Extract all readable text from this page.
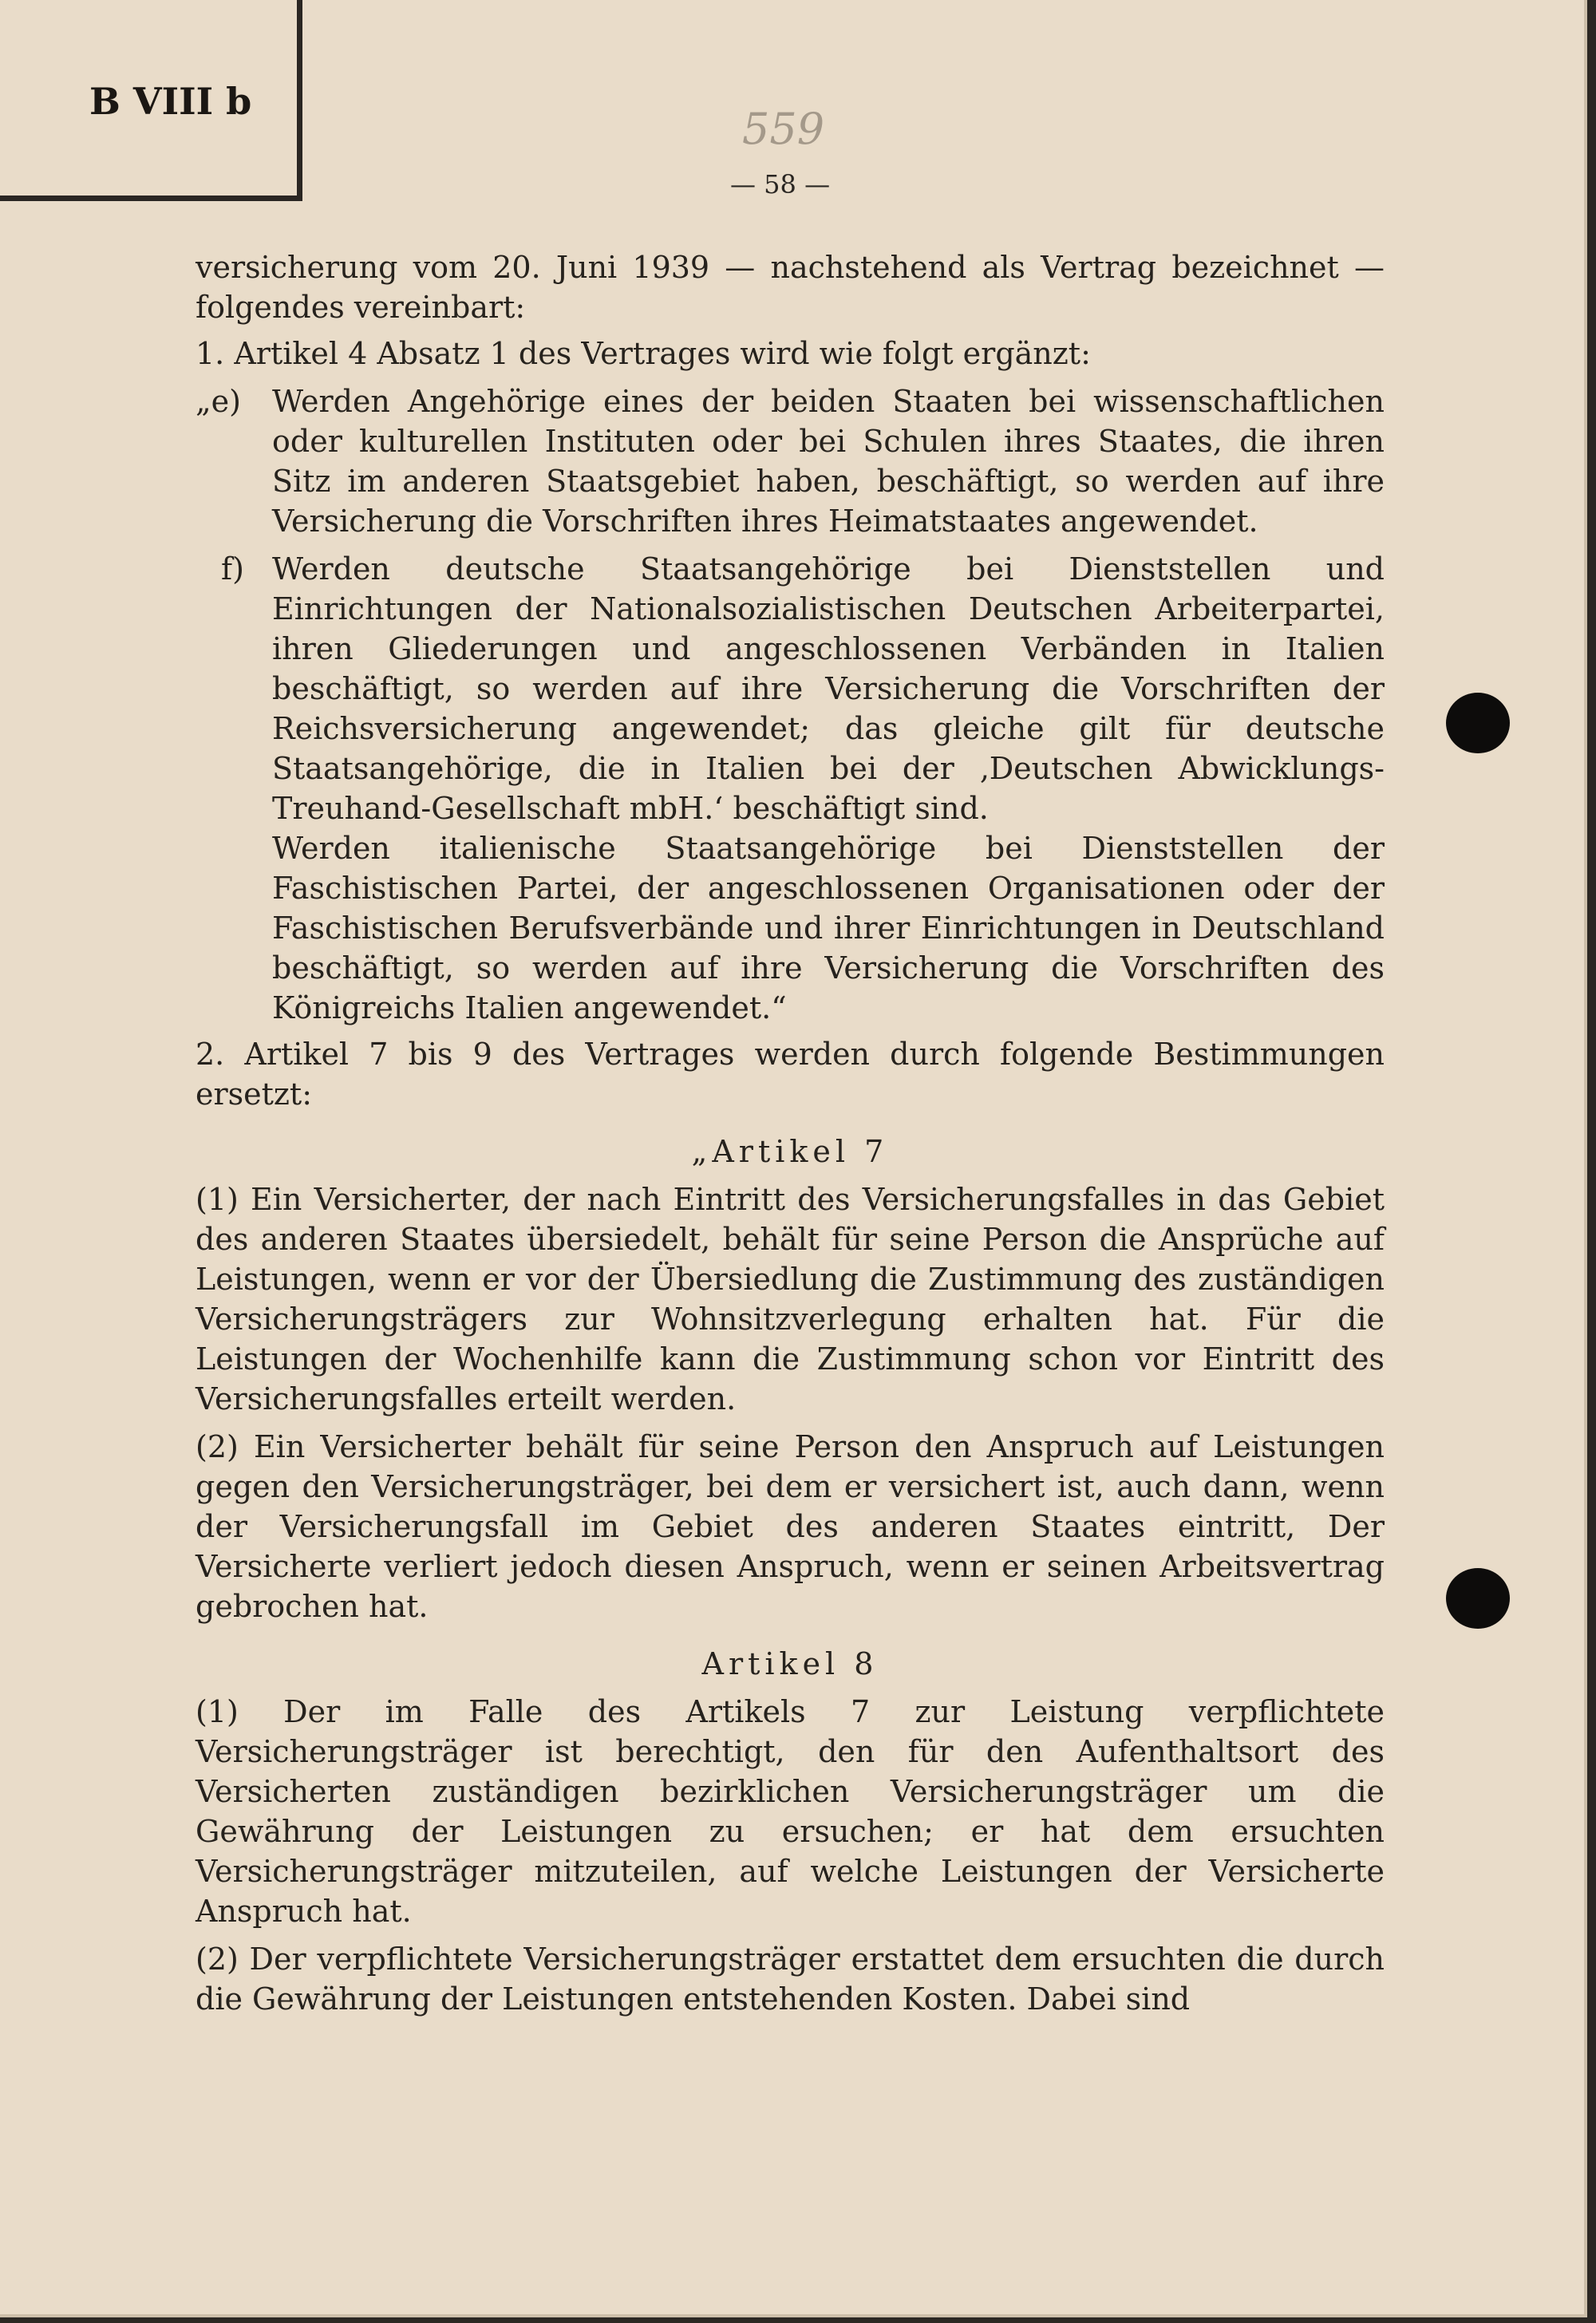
B VIII b
559
— 58 —

versicherung vom 20. Juni 1939 — nachstehend als Vertrag bezeichnet — folgendes vereinbart:

1. Artikel 4 Absatz 1 des Vertrages wird wie folgt ergänzt:

„e) Werden Angehörige eines der beiden Staaten bei wissenschaftlichen oder kulturellen Instituten oder bei Schulen ihres Staates, die ihren Sitz im anderen Staatsgebiet haben, beschäftigt, so werden auf ihre Versicherung die Vorschriften ihres Heimatstaates angewendet.

f) Werden deutsche Staatsangehörige bei Dienststellen und Einrichtungen der Nationalsozialistischen Deutschen Arbeiterpartei, ihren Gliederungen und angeschlossenen Verbänden in Italien beschäftigt, so werden auf ihre Versicherung die Vorschriften der Reichsversicherung angewendet; das gleiche gilt für deutsche Staatsangehörige, die in Italien bei der ‚Deutschen Abwicklungs-Treuhand-Gesellschaft mbH.‘ beschäftigt sind.

Werden italienische Staatsangehörige bei Dienststellen der Faschistischen Partei, der angeschlossenen Organisationen oder der Faschistischen Berufsverbände und ihrer Einrichtungen in Deutschland beschäftigt, so werden auf ihre Versicherung die Vorschriften des Königreichs Italien angewendet.“

2. Artikel 7 bis 9 des Vertrages werden durch folgende Bestimmungen ersetzt:

„Artikel 7

(1) Ein Versicherter, der nach Eintritt des Versicherungsfalles in das Gebiet des anderen Staates übersiedelt, behält für seine Person die Ansprüche auf Leistungen, wenn er vor der Übersiedlung die Zustimmung des zuständigen Versicherungsträgers zur Wohnsitzverlegung erhalten hat. Für die Leistungen der Wochenhilfe kann die Zustimmung schon vor Eintritt des Versicherungsfalles erteilt werden.

(2) Ein Versicherter behält für seine Person den Anspruch auf Leistungen gegen den Versicherungsträger, bei dem er versichert ist, auch dann, wenn der Versicherungsfall im Gebiet des anderen Staates eintritt, Der Versicherte verliert jedoch diesen Anspruch, wenn er seinen Arbeitsvertrag gebrochen hat.

Artikel 8

(1) Der im Falle des Artikels 7 zur Leistung verpflichtete Versicherungsträger ist berechtigt, den für den Aufenthaltsort des Versicherten zuständigen bezirklichen Versicherungsträger um die Gewährung der Leistungen zu ersuchen; er hat dem ersuchten Versicherungsträger mitzuteilen, auf welche Leistungen der Versicherte Anspruch hat.

(2) Der verpflichtete Versicherungsträger erstattet dem ersuchten die durch die Gewährung der Leistungen entstehenden Kosten. Dabei sind
